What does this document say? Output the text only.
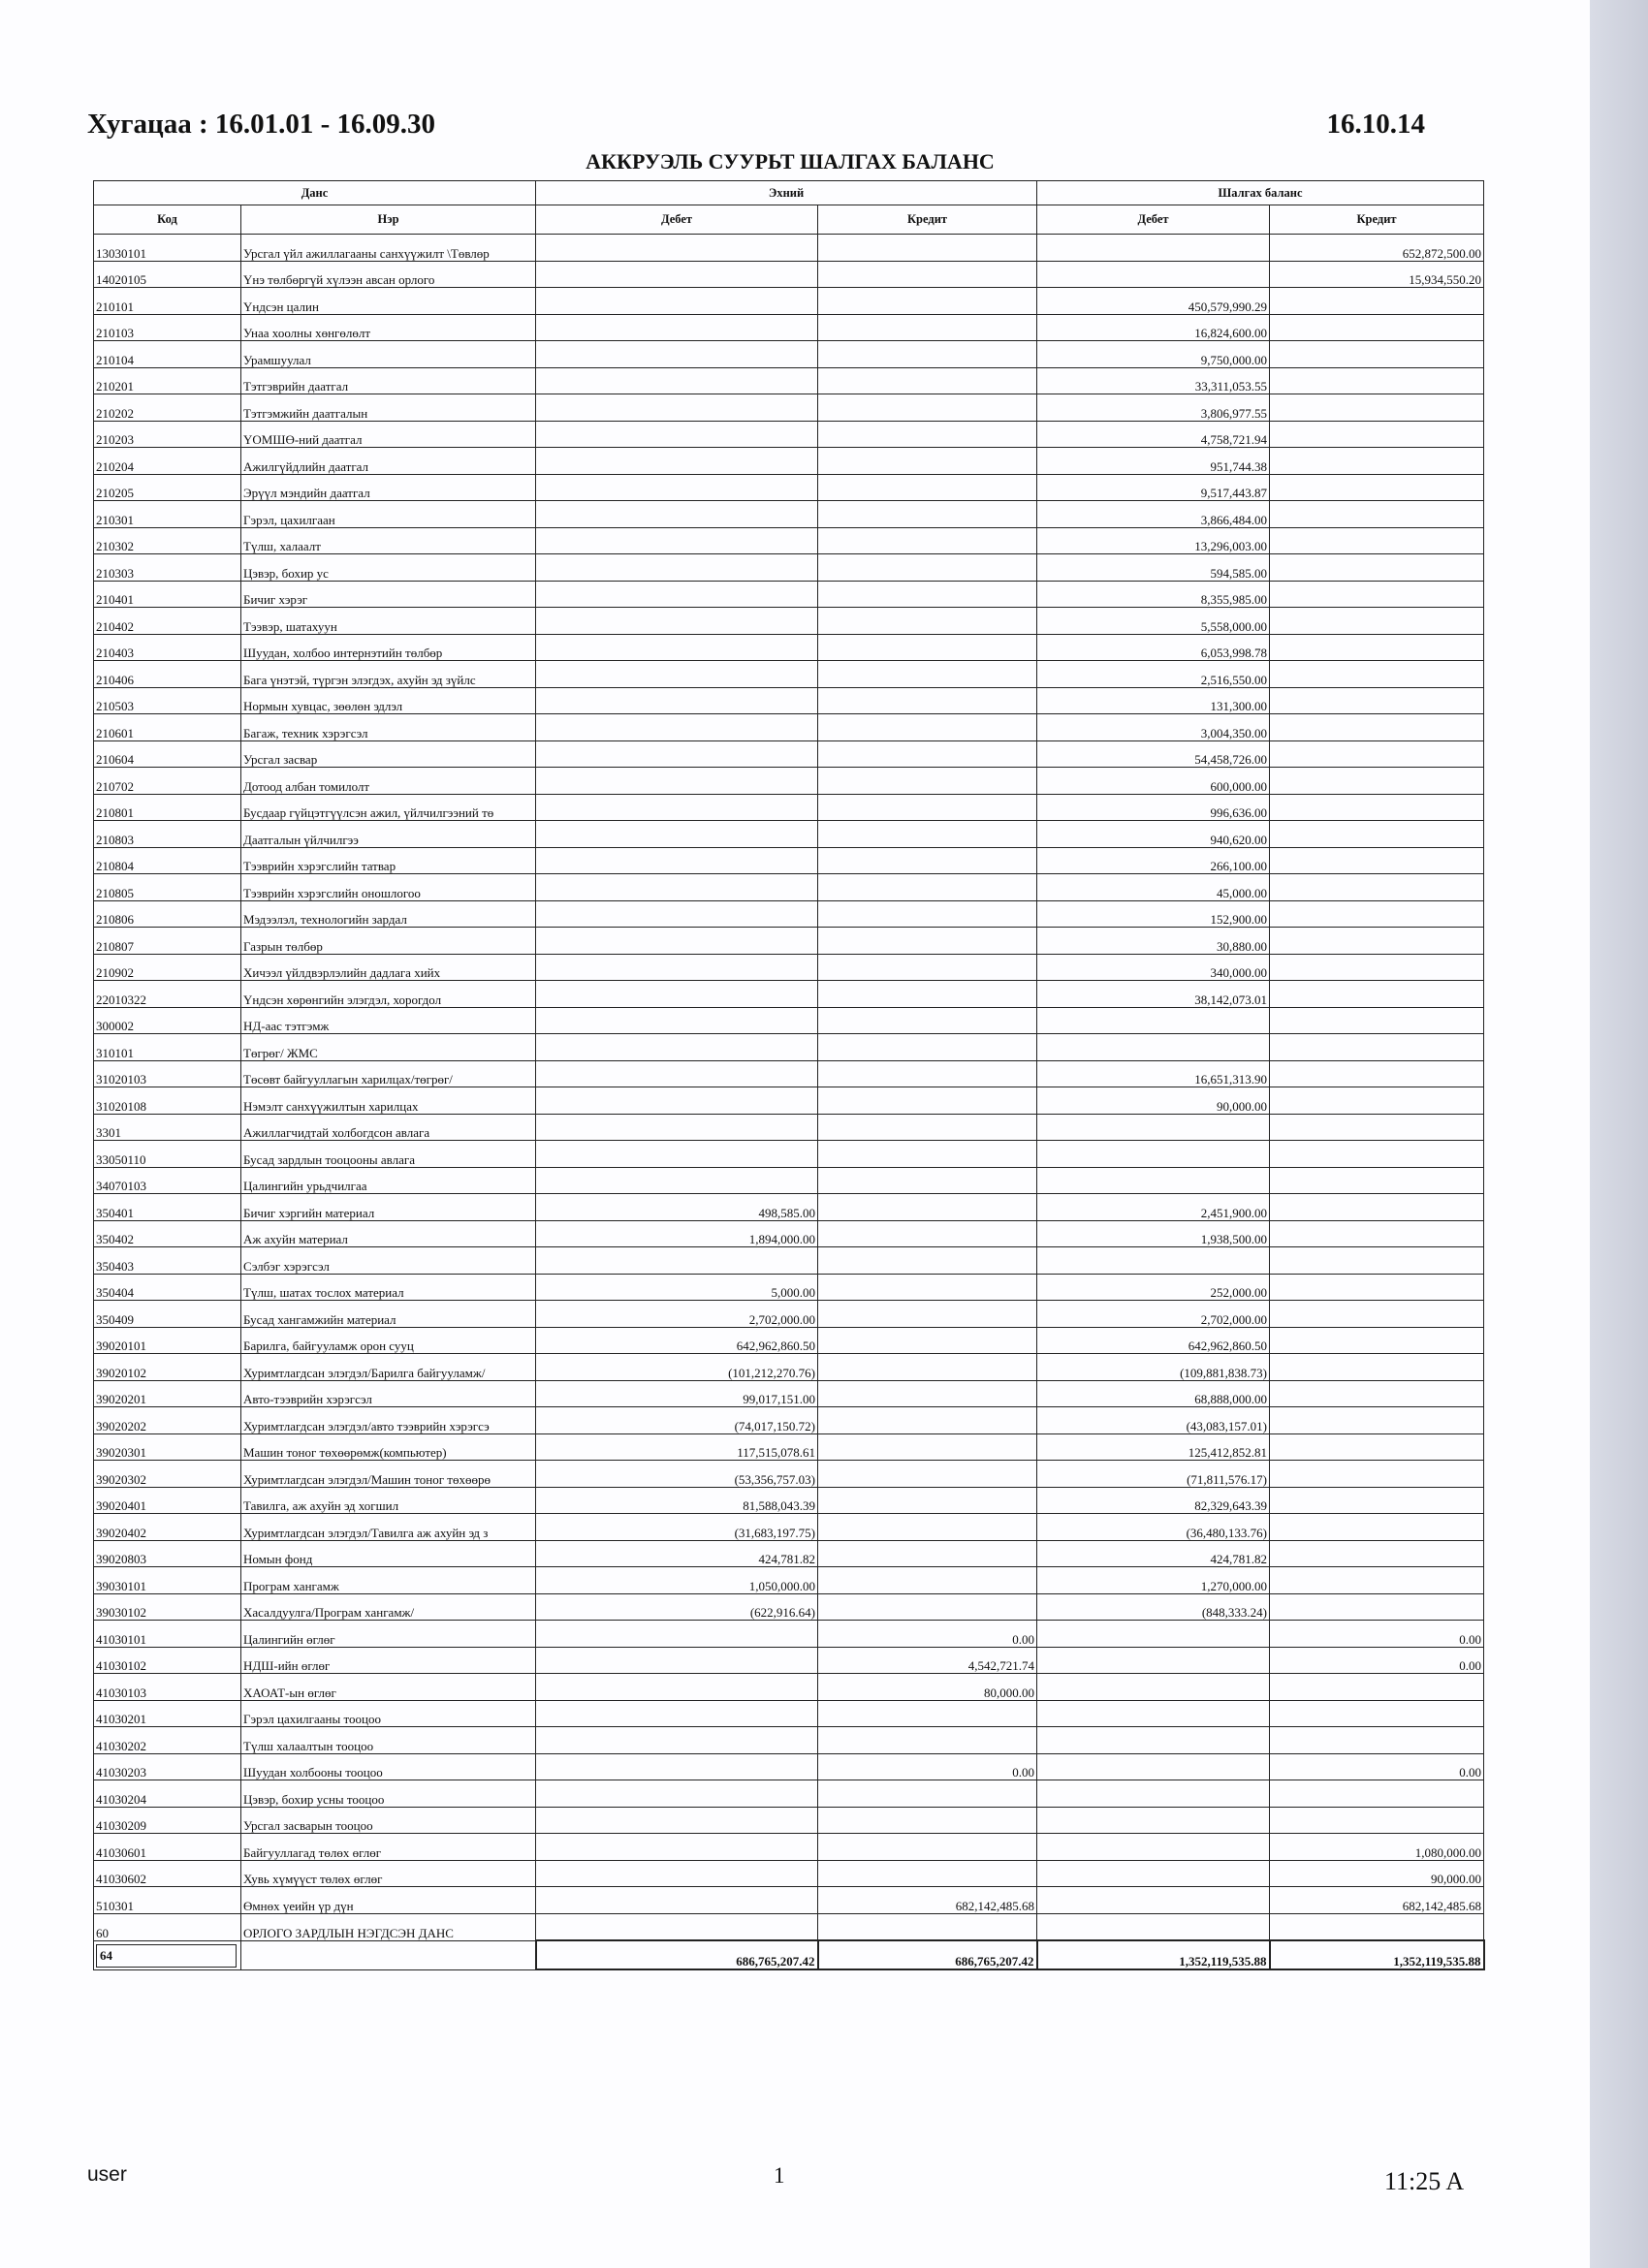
Хугацаа : 16.01.01 - 16.09.30	16.10.14
АККРУЭЛЬ СУУРЬТ ШАЛГАХ БАЛАНС
Данс		Эхний		Шалгах баланс	
Код	Нэр	Дебет	Кредит	Дебет	Кредит
13030101	Урсгал үйл ажиллагааны санхүүжилт \Төвлөр				652,872,500.00
14020105	Үнэ төлбөргүй хүлээн авсан орлого				15,934,550.20
210101	Үндсэн цалин			450,579,990.29	
210103	Унаа хоолны хөнгөлөлт			16,824,600.00	
210104	Урамшуулал			9,750,000.00	
210201	Тэтгэврийн даатгал			33,311,053.55	
210202	Тэтгэмжийн даатгалын			3,806,977.55	
210203	ҮОМШӨ-ний даатгал			4,758,721.94	
210204	Ажилгүйдлийн даатгал			951,744.38	
210205	Эрүүл мэндийн даатгал			9,517,443.87	
210301	Гэрэл, цахилгаан			3,866,484.00	
210302	Түлш, халаалт			13,296,003.00	
210303	Цэвэр, бохир ус			594,585.00	
210401	Бичиг хэрэг			8,355,985.00	
210402	Тээвэр, шатахуун			5,558,000.00	
210403	Шуудан, холбоо интернэтийн төлбөр			6,053,998.78	
210406	Бага үнэтэй, түргэн элэгдэх, ахуйн эд зүйлс			2,516,550.00	
210503	Нормын хувцас, зөөлөн эдлэл			131,300.00	
210601	Багаж, техник хэрэгсэл			3,004,350.00	
210604	Урсгал засвар			54,458,726.00	
210702	Дотоод албан томилолт			600,000.00	
210801	Бусдаар гүйцэтгүүлсэн ажил, үйлчилгээний тө			996,636.00	
210803	Даатгалын үйлчилгээ			940,620.00	
210804	Тээврийн хэрэгслийн татвар			266,100.00	
210805	Тээврийн хэрэгслийн оношлогоо			45,000.00	
210806	Мэдээлэл, технологийн зардал			152,900.00	
210807	Газрын төлбөр			30,880.00	
210902	Хичээл үйлдвэрлэлийн дадлага хийх			340,000.00	
22010322	Үндсэн хөрөнгийн элэгдэл, хорогдол			38,142,073.01	
300002	НД-аас тэтгэмж				
310101	Төгрөг/ ЖМС				
31020103	Төсөвт байгууллагын харилцах/төгрөг/			16,651,313.90	
31020108	Нэмэлт санхүүжилтын харилцах			90,000.00	
3301	Ажиллагчидтай холбогдсон авлага				
33050110	Бусад зардлын тооцооны авлага				
34070103	Цалингийн урьдчилгаа				
350401	Бичиг хэргийн материал	498,585.00		2,451,900.00	
350402	Аж ахуйн материал	1,894,000.00		1,938,500.00	
350403	Сэлбэг хэрэгсэл				
350404	Түлш, шатах тослох материал	5,000.00		252,000.00	
350409	Бусад хангамжийн материал	2,702,000.00		2,702,000.00	
39020101	Барилга, байгууламж орон сууц	642,962,860.50		642,962,860.50	
39020102	Хуримтлагдсан элэгдэл/Барилга байгууламж/	(101,212,270.76)		(109,881,838.73)	
39020201	Авто-тээврийн хэрэгсэл	99,017,151.00		68,888,000.00	
39020202	Хуримтлагдсан элэгдэл/авто тээврийн хэрэгсэ	(74,017,150.72)		(43,083,157.01)	
39020301	Машин тоног төхөөрөмж(компьютер)	117,515,078.61		125,412,852.81	
39020302	Хуримтлагдсан элэгдэл/Машин тоног төхөөрө	(53,356,757.03)		(71,811,576.17)	
39020401	Тавилга, аж ахуйн эд хогшил	81,588,043.39		82,329,643.39	
39020402	Хуримтлагдсан элэгдэл/Тавилга аж ахуйн эд з	(31,683,197.75)		(36,480,133.76)	
39020803	Номын фонд	424,781.82		424,781.82	
39030101	Програм хангамж	1,050,000.00		1,270,000.00	
39030102	Хасалдуулга/Програм хангамж/	(622,916.64)		(848,333.24)	
41030101	Цалингийн өглөг		0.00		0.00
41030102	НДШ-ийн өглөг		4,542,721.74		0.00
41030103	ХАОАТ-ын өглөг		80,000.00		
41030201	Гэрэл цахилгааны тооцоо				
41030202	Түлш халаалтын тооцоо				
41030203	Шуудан холбооны тооцоо		0.00		0.00
41030204	Цэвэр, бохир усны тооцоо				
41030209	Урсгал засварын тооцоо				
41030601	Байгууллагад төлөх өглөг				1,080,000.00
41030602	Хувь хүмүүст төлөх өглөг				90,000.00
510301	Өмнөх үеийн үр дүн		682,142,485.68		682,142,485.68
60	ОРЛОГО ЗАРДЛЫН НЭГДСЭН ДАНС				
64		686,765,207.42	686,765,207.42	1,352,119,535.88	1,352,119,535.88
user	1	11:25 A
